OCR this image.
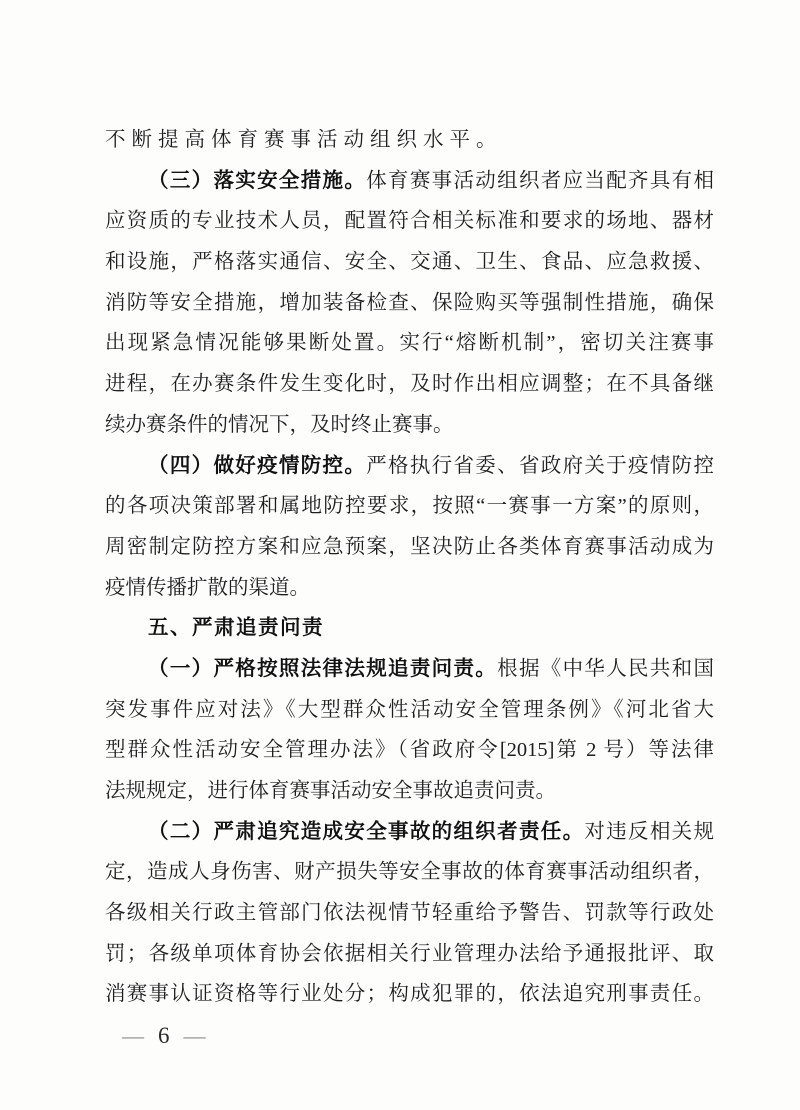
不断提高体育赛事活动组织水平。
（三）落实安全措施。体育赛事活动组织者应当配齐具有相
应资质的专业技术人员，配置符合相关标准和要求的场地、器材
和设施，严格落实通信、安全、交通、卫生、食品、应急救援、
消防等安全措施，增加装备检查、保险购买等强制性措施，确保
出现紧急情况能够果断处置。实行“熔断机制”，密切关注赛事
进程，在办赛条件发生变化时，及时作出相应调整；在不具备继
续办赛条件的情况下，及时终止赛事。
（四）做好疫情防控。严格执行省委、省政府关于疫情防控
的各项决策部署和属地防控要求，按照“一赛事一方案”的原则，
周密制定防控方案和应急预案，坚决防止各类体育赛事活动成为
疫情传播扩散的渠道。
五、严肃追责问责
（一）严格按照法律法规追责问责。根据《中华人民共和国
突发事件应对法》《大型群众性活动安全管理条例》《河北省大
型群众性活动安全管理办法》（省政府令[2015]第 2 号）等法律
法规规定，进行体育赛事活动安全事故追责问责。
（二）严肃追究造成安全事故的组织者责任。对违反相关规
定，造成人身伤害、财产损失等安全事故的体育赛事活动组织者，
各级相关行政主管部门依法视情节轻重给予警告、罚款等行政处
罚；各级单项体育协会依据相关行业管理办法给予通报批评、取
消赛事认证资格等行业处分；构成犯罪的，依法追究刑事责任。
— 6 —
